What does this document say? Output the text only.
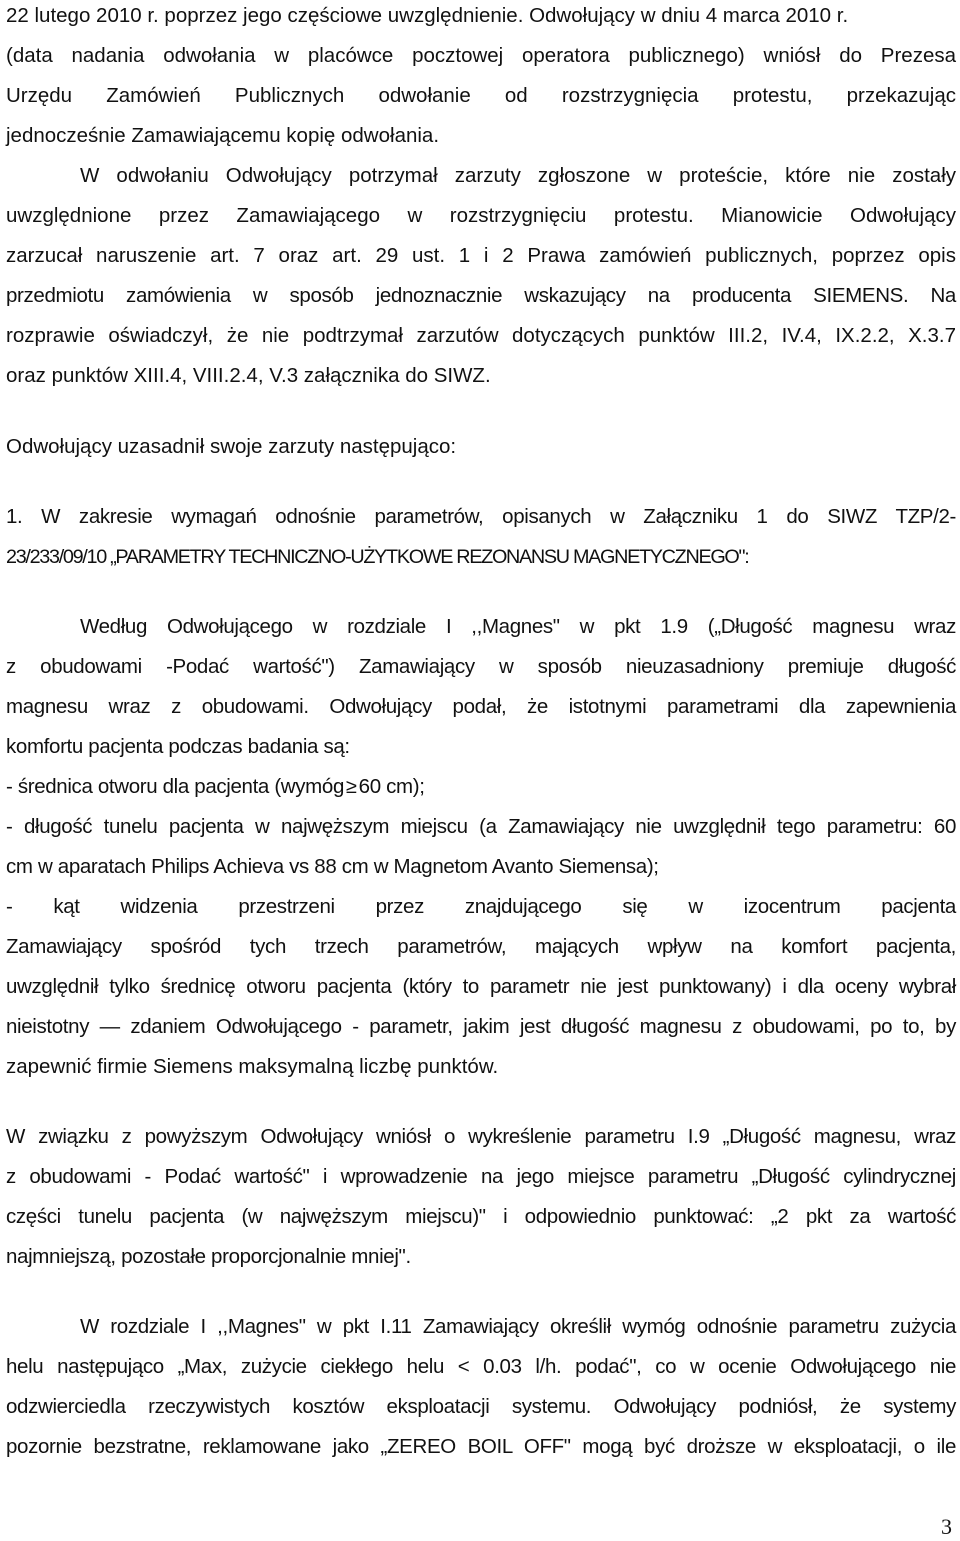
22 lutego 2010 r. poprzez jego częściowe uwzględnienie. Odwołujący w dniu 4 marca 2010 r.
(data nadania odwołania w placówce pocztowej operatora publicznego) wniósł do Prezesa
Urzędu Zamówień Publicznych odwołanie od rozstrzygnięcia protestu, przekazując
jednocześnie Zamawiającemu kopię odwołania.
W odwołaniu Odwołujący potrzymał zarzuty zgłoszone w proteście, które nie zostały
uwzględnione przez Zamawiającego w rozstrzygnięciu protestu. Mianowicie Odwołujący
zarzucał naruszenie art. 7 oraz art. 29 ust. 1 i 2 Prawa zamówień publicznych, poprzez opis
przedmiotu zamówienia w sposób jednoznacznie wskazujący na producenta SIEMENS. Na
rozprawie oświadczył, że nie podtrzymał zarzutów dotyczących punktów III.2, IV.4, IX.2.2, X.3.7
oraz punktów XIII.4, VIII.2.4, V.3 załącznika do SIWZ.
Odwołujący uzasadnił swoje zarzuty następująco:
1. W zakresie wymagań odnośnie parametrów, opisanych w Załączniku 1 do SIWZ TZP/2-
23/233/09/10 „PARAMETRY TECHNICZNO-UŻYTKOWE REZONANSU MAGNETYCZNEGO":
Według Odwołującego w rozdziale I ,,Magnes" w pkt 1.9 („Długość magnesu wraz
z obudowami -Podać wartość") Zamawiający w sposób nieuzasadniony premiuje długość
magnesu wraz z obudowami. Odwołujący podał, że istotnymi parametrami dla zapewnienia
komfortu pacjenta podczas badania są:
- średnica otworu dla pacjenta (wymóg ≥60 cm);
- długość tunelu pacjenta w najwęższym miejscu (a Zamawiający nie uwzględnił tego parametru: 60
cm w aparatach Philips Achieva vs 88 cm w Magnetom Avanto Siemensa);
- kąt widzenia przestrzeni przez znajdującego się w izocentrum pacjenta
Zamawiający spośród tych trzech parametrów, mających wpływ na komfort pacjenta,
uwzględnił tylko średnicę otworu pacjenta (który to parametr nie jest punktowany) i dla oceny wybrał
nieistotny — zdaniem Odwołującego - parametr, jakim jest długość magnesu z obudowami, po to, by
zapewnić firmie Siemens maksymalną liczbę punktów.
W związku z powyższym Odwołujący wniósł o wykreślenie parametru I.9 „Długość magnesu, wraz
z obudowami - Podać wartość" i wprowadzenie na jego miejsce parametru „Długość cylindrycznej
części tunelu pacjenta (w najwęższym miejscu)" i odpowiednio punktować: „2 pkt za wartość
najmniejszą, pozostałe proporcjonalnie mniej".
W rozdziale I ,,Magnes" w pkt I.11 Zamawiający określił wymóg odnośnie parametru zużycia
helu następująco „Max, zużycie ciekłego helu < 0.03 l/h. podać", co w ocenie Odwołującego nie
odzwierciedla rzeczywistych kosztów eksploatacji systemu. Odwołujący podniósł, że systemy
pozornie bezstratne, reklamowane jako „ZEREO BOIL OFF" mogą być droższe w eksploatacji, o ile
3
